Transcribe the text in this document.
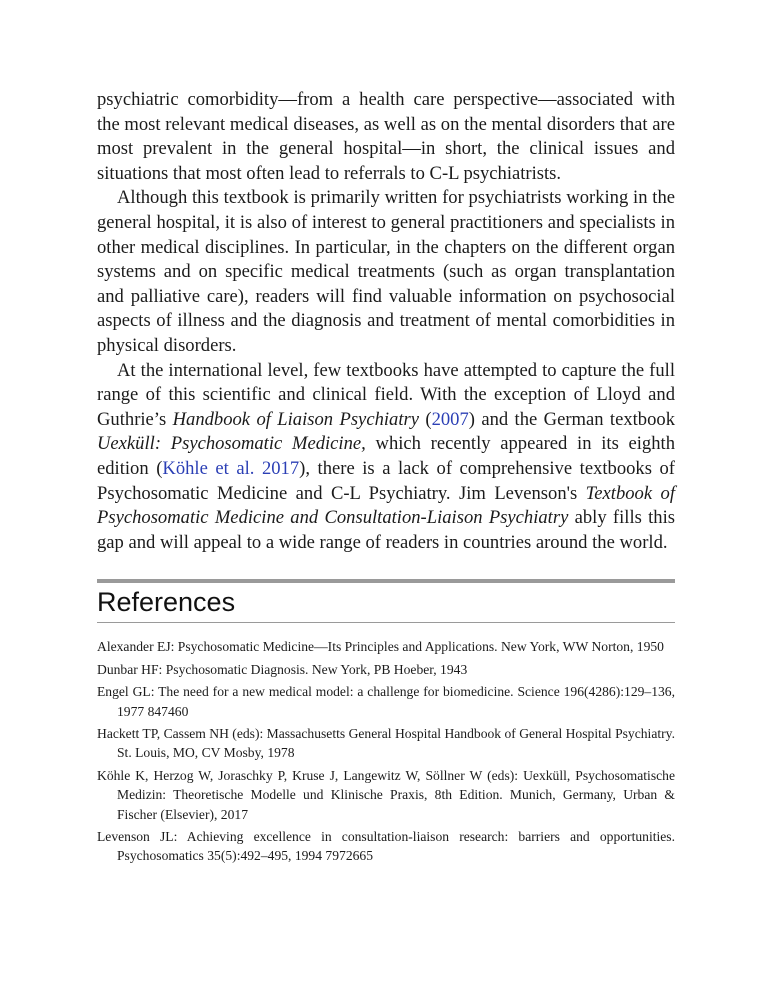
psychiatric comorbidity—from a health care perspective—associated with the most relevant medical diseases, as well as on the mental disorders that are most prevalent in the general hospital—in short, the clinical issues and situations that most often lead to referrals to C-L psychiatrists.

Although this textbook is primarily written for psychiatrists working in the general hospital, it is also of interest to general practitioners and specialists in other medical disciplines. In particular, in the chapters on the different organ systems and on specific medical treatments (such as organ transplantation and palliative care), readers will find valuable information on psychosocial aspects of illness and the diagnosis and treatment of mental comorbidities in physical disorders.

At the international level, few textbooks have attempted to capture the full range of this scientific and clinical field. With the exception of Lloyd and Guthrie’s Handbook of Liaison Psychiatry (2007) and the German textbook Uexküll: Psychosomatic Medicine, which recently appeared in its eighth edition (Köhle et al. 2017), there is a lack of comprehensive textbooks of Psychosomatic Medicine and C-L Psychiatry. Jim Levenson's Textbook of Psychosomatic Medicine and Consultation-Liaison Psychiatry ably fills this gap and will appeal to a wide range of readers in countries around the world.

References
Alexander EJ: Psychosomatic Medicine—Its Principles and Applications. New York, WW Norton, 1950
Dunbar HF: Psychosomatic Diagnosis. New York, PB Hoeber, 1943
Engel GL: The need for a new medical model: a challenge for biomedicine. Science 196(4286):129–136, 1977 847460
Hackett TP, Cassem NH (eds): Massachusetts General Hospital Handbook of General Hospital Psychiatry. St. Louis, MO, CV Mosby, 1978
Köhle K, Herzog W, Joraschky P, Kruse J, Langewitz W, Söllner W (eds): Uexküll, Psychosomatische Medizin: Theoretische Modelle und Klinische Praxis, 8th Edition. Munich, Germany, Urban & Fischer (Elsevier), 2017
Levenson JL: Achieving excellence in consultation-liaison research: barriers and opportunities. Psychosomatics 35(5):492–495, 1994 7972665
